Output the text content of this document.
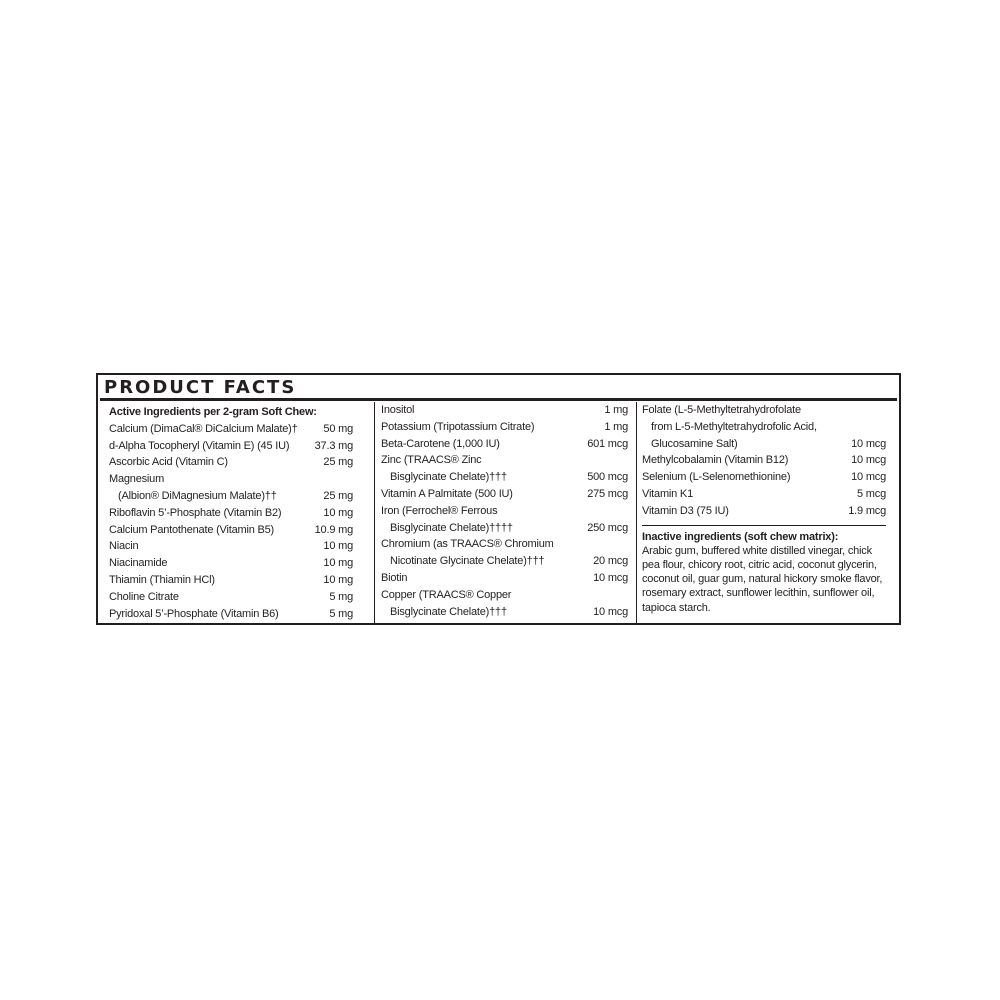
PRODUCT FACTS
Active Ingredients per 2-gram Soft Chew:
Calcium (DimaCal® DiCalcium Malate)† 50 mg
d-Alpha Tocopheryl (Vitamin E) (45 IU) 37.3 mg
Ascorbic Acid (Vitamin C)	25 mg
Magnesium
(Albion® DiMagnesium Malate)††	25 mg
Riboflavin 5’-Phosphate (Vitamin B2)	10 mg
Calcium Pantothenate (Vitamin B5)	10.9 mg
Niacin	10 mg
Niacinamide	10 mg
Thiamin (Thiamin HCl)	10 mg
Choline Citrate	5 mg
Pyridoxal 5’-Phosphate (Vitamin B6)	5 mg
Inositol	1 mg
Potassium (Tripotassium Citrate)	1 mg
Beta-Carotene (1,000 IU)	601 mcg
Zinc (TRAACS® Zinc
Bisglycinate Chelate)†††	500 mcg
Vitamin A Palmitate (500 IU)	275 mcg
Iron (Ferrochel® Ferrous
Bisglycinate Chelate)††††	250 mcg
Chromium (as TRAACS® Chromium
Nicotinate Glycinate Chelate)†††	20 mcg
Biotin	10 mcg
Copper (TRAACS® Copper
Bisglycinate Chelate)†††	10 mcg
Folate (L-5-Methyltetrahydrofolate
from L-5-Methyltetrahydrofolic Acid,
Glucosamine Salt)	10 mcg
Methylcobalamin (Vitamin B12)	10 mcg
Selenium (L-Selenomethionine)	10 mcg
Vitamin K1	5 mcg
Vitamin D3 (75 IU)	1.9 mcg
Inactive ingredients (soft chew matrix):
Arabic gum, buffered white distilled vinegar, chick pea flour, chicory root, citric acid, coconut glycerin, coconut oil, guar gum, natural hickory smoke flavor, rosemary extract, sunflower lecithin, sunflower oil, tapioca starch.
